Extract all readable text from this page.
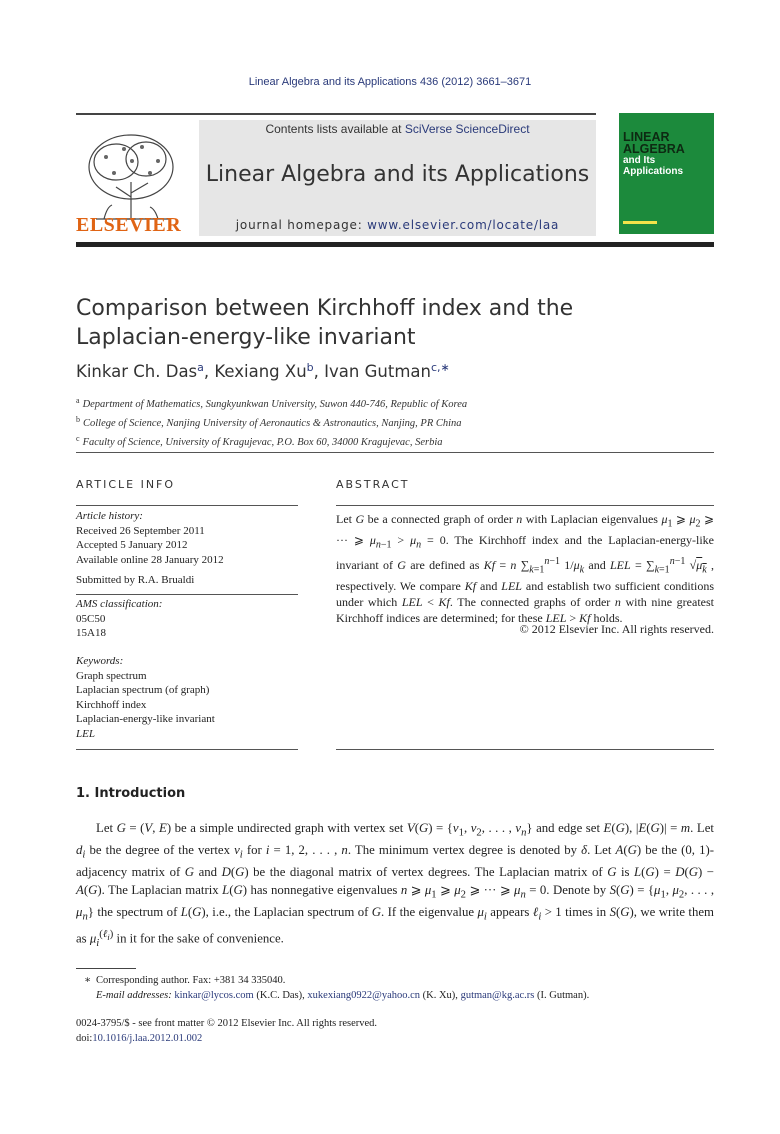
Linear Algebra and its Applications 436 (2012) 3661–3671
ELSEVIER
Contents lists available at SciVerse ScienceDirect
Linear Algebra and its Applications
journal homepage: www.elsevier.com/locate/laa
LINEAR
ALGEBRA
and Its
Applications
Comparison between Kirchhoff index and the
Laplacian-energy-like invariant
Kinkar Ch. Das$^a$, Kexiang Xu$^b$, Ivan Gutman$^{c,∗}$
$^a$ Department of Mathematics, Sungkyunkwan University, Suwon 440-746, Republic of Korea
$^b$ College of Science, Nanjing University of Aeronautics & Astronautics, Nanjing, PR China
$^c$ Faculty of Science, University of Kragujevac, P.O. Box 60, 34000 Kragujevac, Serbia
ARTICLE INFO
Article history:
Received 26 September 2011
Accepted 5 January 2012
Available online 28 January 2012
Submitted by R.A. Brualdi
AMS classification:
05C50
15A18
Keywords:
Graph spectrum
Laplacian spectrum (of graph)
Kirchhoff index
Laplacian-energy-like invariant
LEL
ABSTRACT
Let G be a connected graph of order n with Laplacian eigenvalues $\mu_1$ ⩾ $\mu_2$ ⩾ ··· ⩾ $\mu_{n-1} > \mu_n = 0$. The Kirchhoff index and the Laplacian-energy-like invariant of G are defined as Kf = n $\sum_{k=1}^{n-1}$ $1/\mu_k$ and LEL = $\sum_{k=1}^{n-1}$ $√\mu_k$ , respectively. We compare Kf and LEL and establish two sufficient conditions under which LEL < Kf. The connected graphs of order n with nine greatest Kirchhoff indices are determined; for these LEL > Kf holds.
© 2012 Elsevier Inc. All rights reserved.
1. Introduction
Let G = (V, E) be a simple undirected graph with vertex set $V(G) = \{v_1$, $v_2$, . . . , $v_n$} and edge set E(G), |E(G)| = m. Let $d_i$ be the degree of the vertex $v_i$ for i = 1, 2, . . . , n. The minimum vertex degree is denoted by δ. Let A(G) be the (0, 1)-adjacency matrix of G and D(G) be the diagonal matrix of vertex degrees. The Laplacian matrix of G is L(G) = D(G) − A(G). The Laplacian matrix L(G) has nonnegative eigenvalues n ⩾ $\mu_1$ ⩾ $\mu_2$ ⩾ ··· ⩾ $\mu_n = 0$. Denote by $S(G) = \{\mu_1$, $\mu_2$, . . . , $\mu_n$} the spectrum of L(G), i.e., the Laplacian spectrum of G. If the eigenvalue $\mu_i$ appears ℓ$_i$ > 1 times in S(G), we write them as $\mu_i^{(\ell_i)}$ in it for the sake of convenience.
∗ Corresponding author. Fax: +381 34 335040.
E-mail addresses: kinkar@lycos.com (K.C. Das), xukexiang0922@yahoo.cn (K. Xu), gutman@kg.ac.rs (I. Gutman).
0024-3795/$ - see front matter © 2012 Elsevier Inc. All rights reserved.
doi:10.1016/j.laa.2012.01.002
